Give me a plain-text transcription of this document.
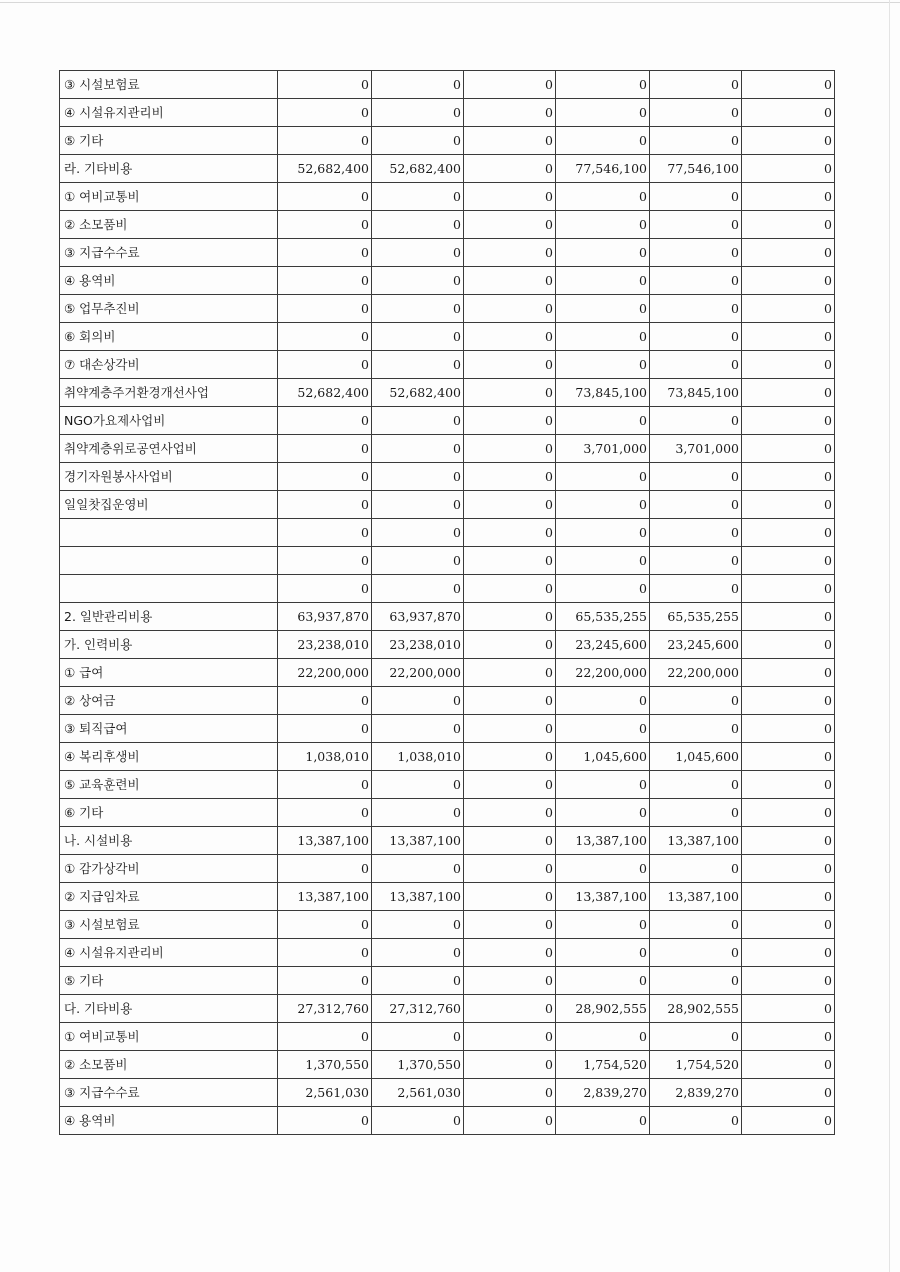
③ 시설보험료	0	0	0	0	0	0
④ 시설유지관리비	0	0	0	0	0	0
⑤ 기타	0	0	0	0	0	0
라. 기타비용	52,682,400	52,682,400	0	77,546,100	77,546,100	0
① 여비교통비	0	0	0	0	0	0
② 소모품비	0	0	0	0	0	0
③ 지급수수료	0	0	0	0	0	0
④ 용역비	0	0	0	0	0	0
⑤ 업무추진비	0	0	0	0	0	0
⑥ 회의비	0	0	0	0	0	0
⑦ 대손상각비	0	0	0	0	0	0
취약계층주거환경개선사업	52,682,400	52,682,400	0	73,845,100	73,845,100	0
NGO가요제사업비	0	0	0	0	0	0
취약계층위로공연사업비	0	0	0	3,701,000	3,701,000	0
경기자원봉사사업비	0	0	0	0	0	0
일일찻집운영비	0	0	0	0	0	0
	0	0	0	0	0	0
	0	0	0	0	0	0
	0	0	0	0	0	0
2. 일반관리비용	63,937,870	63,937,870	0	65,535,255	65,535,255	0
가. 인력비용	23,238,010	23,238,010	0	23,245,600	23,245,600	0
① 급여	22,200,000	22,200,000	0	22,200,000	22,200,000	0
② 상여금	0	0	0	0	0	0
③ 퇴직급여	0	0	0	0	0	0
④ 복리후생비	1,038,010	1,038,010	0	1,045,600	1,045,600	0
⑤ 교육훈련비	0	0	0	0	0	0
⑥ 기타	0	0	0	0	0	0
나. 시설비용	13,387,100	13,387,100	0	13,387,100	13,387,100	0
① 감가상각비	0	0	0	0	0	0
② 지급임차료	13,387,100	13,387,100	0	13,387,100	13,387,100	0
③ 시설보험료	0	0	0	0	0	0
④ 시설유지관리비	0	0	0	0	0	0
⑤ 기타	0	0	0	0	0	0
다. 기타비용	27,312,760	27,312,760	0	28,902,555	28,902,555	0
① 여비교통비	0	0	0	0	0	0
② 소모품비	1,370,550	1,370,550	0	1,754,520	1,754,520	0
③ 지급수수료	2,561,030	2,561,030	0	2,839,270	2,839,270	0
④ 용역비	0	0	0	0	0	0
